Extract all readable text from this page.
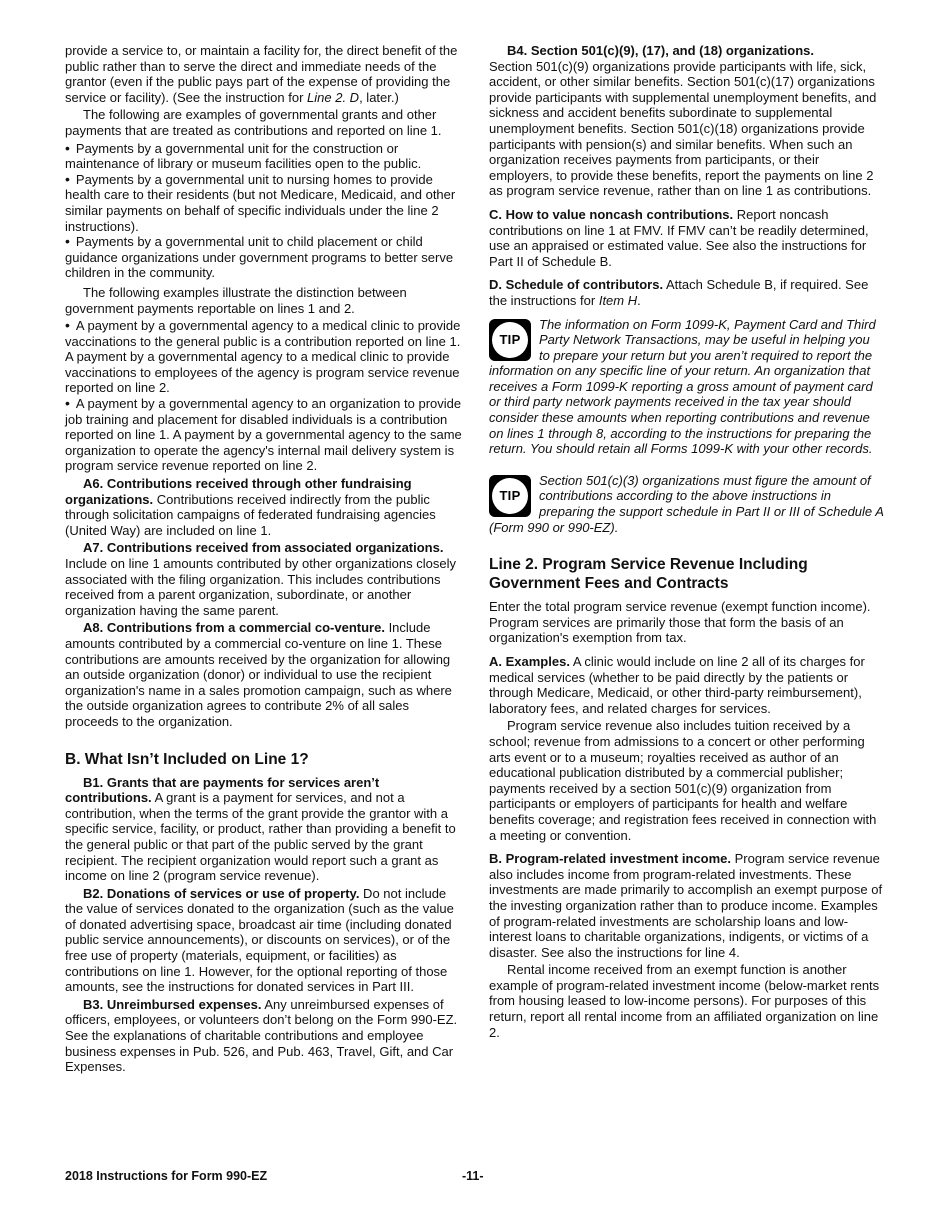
provide a service to, or maintain a facility for, the direct benefit of the public rather than to serve the direct and immediate needs of the grantor (even if the public pays part of the expense of providing the service or facility). (See the instruction for Line 2. D, later.)

The following are examples of governmental grants and other payments that are treated as contributions and reported on line 1.

• Payments by a governmental unit for the construction or maintenance of library or museum facilities open to the public.

• Payments by a governmental unit to nursing homes to provide health care to their residents (but not Medicare, Medicaid, and other similar payments on behalf of specific individuals under the line 2 instructions).

• Payments by a governmental unit to child placement or child guidance organizations under government programs to better serve children in the community.

The following examples illustrate the distinction between government payments reportable on lines 1 and 2.

• A payment by a governmental agency to a medical clinic to provide vaccinations to the general public is a contribution reported on line 1. A payment by a governmental agency to a medical clinic to provide vaccinations to employees of the agency is program service revenue reported on line 2.

• A payment by a governmental agency to an organization to provide job training and placement for disabled individuals is a contribution reported on line 1. A payment by a governmental agency to the same organization to operate the agency's internal mail delivery system is program service revenue reported on line 2.

A6. Contributions received through other fundraising organizations. Contributions received indirectly from the public through solicitation campaigns of federated fundraising agencies (United Way) are included on line 1.

A7. Contributions received from associated organizations. Include on line 1 amounts contributed by other organizations closely associated with the filing organization. This includes contributions received from a parent organization, subordinate, or another organization having the same parent.

A8. Contributions from a commercial co-venture. Include amounts contributed by a commercial co-venture on line 1. These contributions are amounts received by the organization for allowing an outside organization (donor) or individual to use the recipient organization's name in a sales promotion campaign, such as where the outside organization agrees to contribute 2% of all sales proceeds to the organization.

B. What Isn’t Included on Line 1?

B1. Grants that are payments for services aren’t contributions. A grant is a payment for services, and not a contribution, when the terms of the grant provide the grantor with a specific service, facility, or product, rather than providing a benefit to the general public or that part of the public served by the grant recipient. The recipient organization would report such a grant as income on line 2 (program service revenue).

B2. Donations of services or use of property. Do not include the value of services donated to the organization (such as the value of donated advertising space, broadcast air time (including donated public service announcements), or discounts on services), or of the free use of property (materials, equipment, or facilities) as contributions on line 1. However, for the optional reporting of those amounts, see the instructions for donated services in Part III.

B3. Unreimbursed expenses. Any unreimbursed expenses of officers, employees, or volunteers don’t belong on the Form 990-EZ. See the explanations of charitable contributions and employee business expenses in Pub. 526, and Pub. 463, Travel, Gift, and Car Expenses.

B4. Section 501(c)(9), (17), and (18) organizations.
Section 501(c)(9) organizations provide participants with life, sick, accident, or other similar benefits. Section 501(c)(17) organizations provide participants with supplemental unemployment benefits, and sickness and accident benefits subordinate to supplemental unemployment benefits. Section 501(c)(18) organizations provide participants with pension(s) and similar benefits. When such an organization receives payments from participants, or their employers, to provide these benefits, report the payments on line 2 as program service revenue, rather than on line 1 as contributions.

C. How to value noncash contributions. Report noncash contributions on line 1 at FMV. If FMV can’t be readily determined, use an appraised or estimated value. See also the instructions for Part II of Schedule B.

D. Schedule of contributors. Attach Schedule B, if required. See the instructions for Item H.

TIP

The information on Form 1099-K, Payment Card and Third Party Network Transactions, may be useful in helping you to prepare your return but you aren’t required to report the information on any specific line of your return. An organization that receives a Form 1099-K reporting a gross amount of payment card or third party network payments received in the tax year should consider these amounts when reporting contributions and revenue on lines 1 through 8, according to the instructions for preparing the return. You should retain all Forms 1099-K with your other records.

TIP

Section 501(c)(3) organizations must figure the amount of contributions according to the above instructions in preparing the support schedule in Part II or III of Schedule A (Form 990 or 990-EZ).

Line 2. Program Service Revenue Including Government Fees and Contracts

Enter the total program service revenue (exempt function income). Program services are primarily those that form the basis of an organization's exemption from tax.

A. Examples. A clinic would include on line 2 all of its charges for medical services (whether to be paid directly by the patients or through Medicare, Medicaid, or other third-party reimbursement), laboratory fees, and related charges for services.

Program service revenue also includes tuition received by a school; revenue from admissions to a concert or other performing arts event or to a museum; royalties received as author of an educational publication distributed by a commercial publisher; payments received by a section 501(c)(9) organization from participants or employers of participants for health and welfare benefits coverage; and registration fees received in connection with a meeting or convention.

B. Program-related investment income. Program service revenue also includes income from program-related investments. These investments are made primarily to accomplish an exempt purpose of the investing organization rather than to produce income. Examples of program-related investments are scholarship loans and low-interest loans to charitable organizations, indigents, or victims of a disaster. See also the instructions for line 4.

Rental income received from an exempt function is another example of program-related investment income (below-market rents from housing leased to low-income persons). For purposes of this return, report all rental income from an affiliated organization on line 2.

2018 Instructions for Form 990-EZ	-11-
